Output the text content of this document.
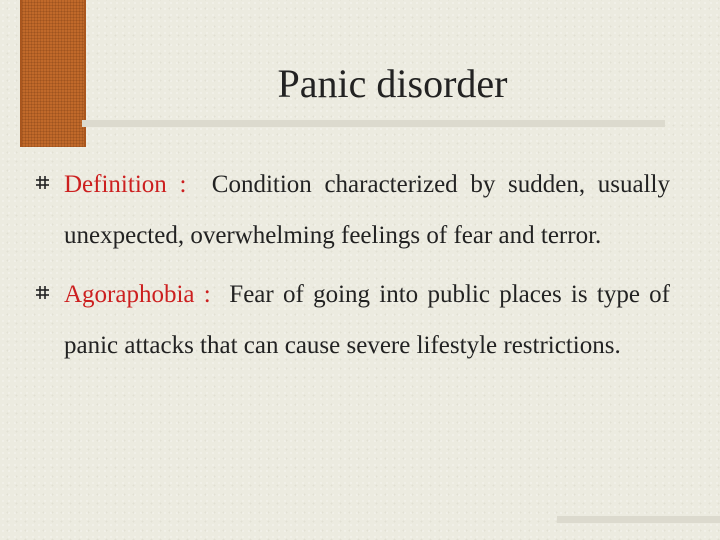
Panic disorder
Definition :  Condition characterized by sudden, usually unexpected, overwhelming feelings of fear and terror.
Agoraphobia :  Fear of going into public places is type of panic attacks that can cause severe lifestyle restrictions.
